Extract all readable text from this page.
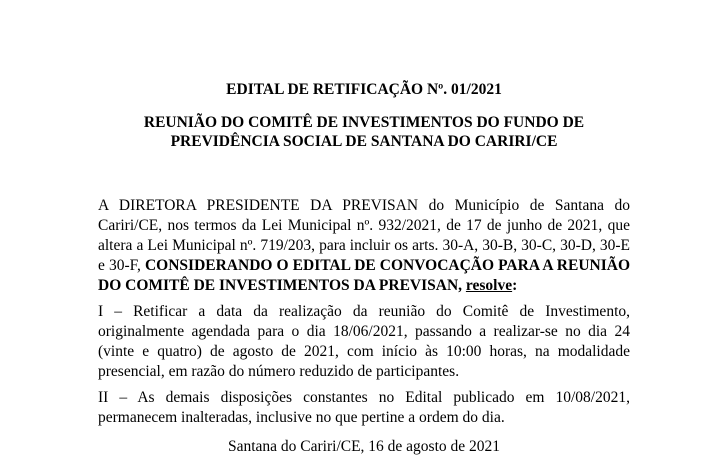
EDITAL DE RETIFICAÇÃO Nº. 01/2021
REUNIÃO DO COMITÊ DE INVESTIMENTOS DO FUNDO DE
PREVIDÊNCIA SOCIAL DE SANTANA DO CARIRI/CE

A DIRETORA PRESIDENTE DA PREVISAN do Município de Santana do Cariri/CE, nos termos da Lei Municipal nº. 932/2021, de 17 de junho de 2021, que altera a Lei Municipal nº. 719/203, para incluir os arts. 30-A, 30-B, 30-C, 30-D, 30-E e 30-F, CONSIDERANDO O EDITAL DE CONVOCAÇÃO PARA A REUNIÃO DO COMITÊ DE INVESTIMENTOS DA PREVISAN, resolve:

I – Retificar a data da realização da reunião do Comitê de Investimento, originalmente agendada para o dia 18/06/2021, passando a realizar-se no dia 24 (vinte e quatro) de agosto de 2021, com início às 10:00 horas, na modalidade presencial, em razão do número reduzido de participantes.

II – As demais disposições constantes no Edital publicado em 10/08/2021, permanecem inalteradas, inclusive no que pertine a ordem do dia.

Santana do Cariri/CE, 16 de agosto de 2021
